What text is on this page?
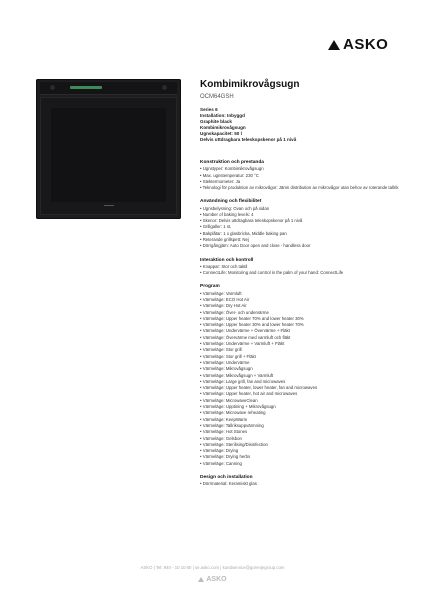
ASKO
Kombimikrovågsugn
OCM64GSH
Series 6
Installation: Inbyggd
Graphite black
Kombimikrovågsugn
Ugnskapacitet: 50 l
Delvis uttdragbara teleskopskenor på 1 nivå
Konstruktion och prestanda
• Ugnstyper: Kombimikrovågsugn
• Max. ugnstemperatur: 230 °C
• Stektermometer: Ja
• Teknologi för produktion av mikrovågor: Jämn distribution av mikrovågor utan behov av roterande tallrik
Användning och flexibilitet
• Ugnsbelysning: Ovan och på sidan
• Number of baking levels: 4
• Skenor: Delvis uttdragbara teleskopskenor på 1 nivå
• Grillgaller: 1 st.
• Bakplåtar: 1 x glasbricka, Middle baking pan
• Reterande grillspett: Nej
• Dörrgångjärn: Auto Door open and close - handless door
Interaktion och kontroll
• Knappar: Stor och taktil
• ConnectLife: Monitoring and control in the palm of your hand: ConnectLife
Program
• Värmeläge: Varmluft
• Värmeläge: ECO Hot Air
• Värmeläge: Dry Hot Air
• Värmeläge: Över- och undervärme
• Värmeläge: Upper heater 70% and lower heater 30%
• Värmeläge: Upper heater 30% and lower heater 70%
• Värmeläge: Undervärme + Övervärme + Fläkt
• Värmeläge: Övervärme med varmluft och fläkt
• Värmeläge: Undervärme + Varmluft + Fläkt
• Värmeläge: Stor grill
• Värmeläge: Stor grill + Fläkt
• Värmeläge: Undervärme
• Värmeläge: Mikrovågsugn
• Värmeläge: Mikrovågsugn + Varmluft
• Värmeläge: Large grill, fan and microwaves
• Värmeläge: Upper heater, lower heater, fan and microwaves
• Värmeläge: Upper heater, hot air and microwaves
• Värmeläge: MicrowaveClean
• Värmeläge: Upptining + Mikrovågsugn
• Värmeläge: Microwave reheating
• Värmeläge: KeepWarm
• Värmeläge: Tallriksuppvärmning
• Värmeläge: Hot Stones
• Värmeläge: Gelsbon
• Värmeläge: Sterilising/Disinfection
• Värmeläge: Drying
• Värmeläge: Drying herbs
• Värmeläge: Canning
Design och installation
• Dörrmaterial: Keramiskt glas
ASKO | Tel: 940 - 10 10 60 | se.asko.com | kundservice@gorenjegroup.com
ASKO
